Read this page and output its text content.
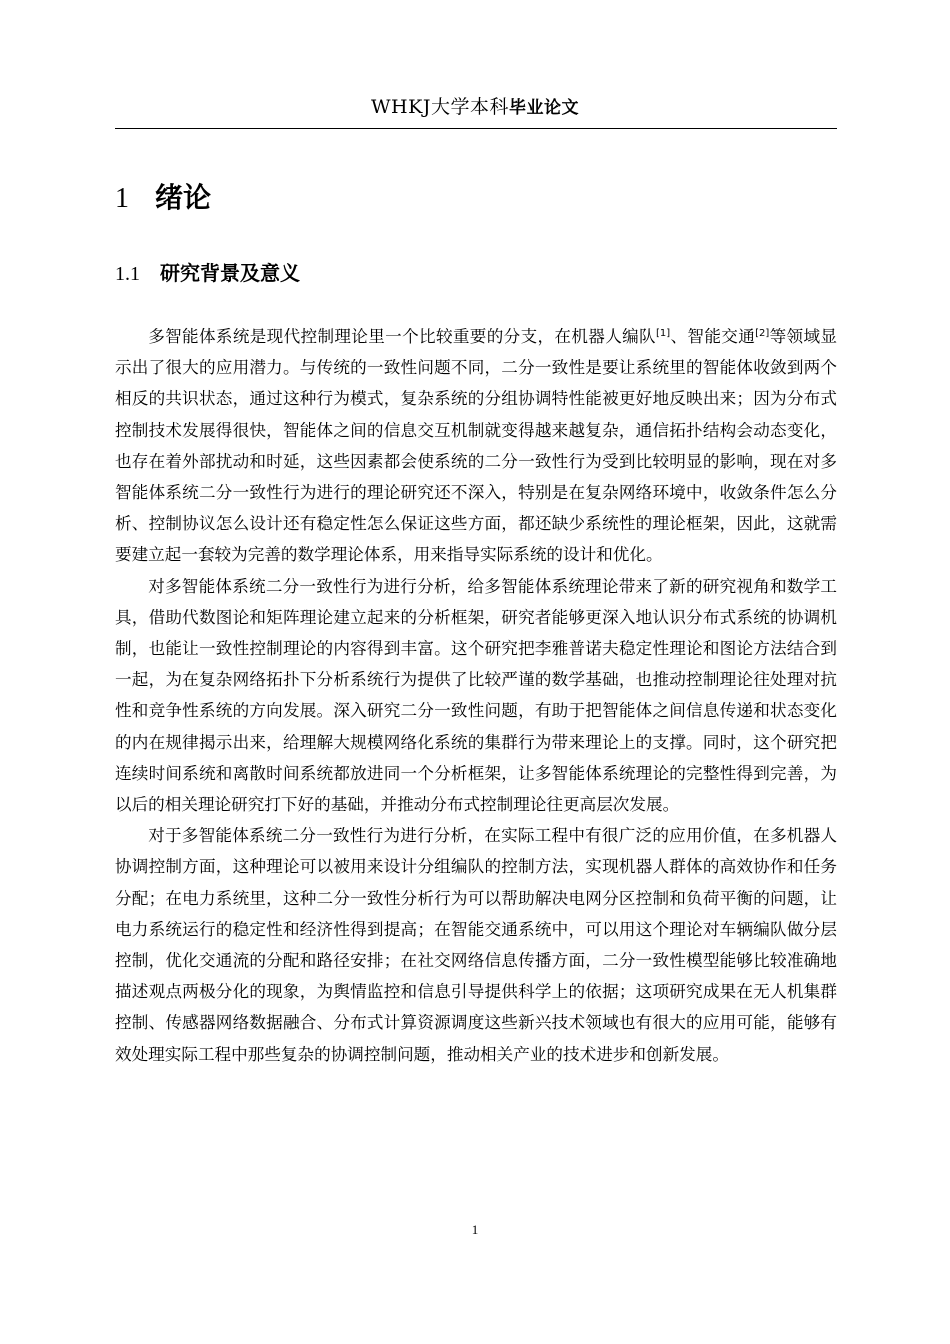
WHKJ大学本科毕业论文
1 绪论
1.1 研究背景及意义

多智能体系统是现代控制理论里一个比较重要的分支，在机器人编队[1]、智能交通[2]等领域显示出了很大的应用潜力。与传统的一致性问题不同，二分一致性是要让系统里的智能体收敛到两个相反的共识状态，通过这种行为模式，复杂系统的分组协调特性能被更好地反映出来；因为分布式控制技术发展得很快，智能体之间的信息交互机制就变得越来越复杂，通信拓扑结构会动态变化，也存在着外部扰动和时延，这些因素都会使系统的二分一致性行为受到比较明显的影响，现在对多智能体系统二分一致性行为进行的理论研究还不深入，特别是在复杂网络环境中，收敛条件怎么分析、控制协议怎么设计还有稳定性怎么保证这些方面，都还缺少系统性的理论框架，因此，这就需要建立起一套较为完善的数学理论体系，用来指导实际系统的设计和优化。

对多智能体系统二分一致性行为进行分析，给多智能体系统理论带来了新的研究视角和数学工具，借助代数图论和矩阵理论建立起来的分析框架，研究者能够更深入地认识分布式系统的协调机制，也能让一致性控制理论的内容得到丰富。这个研究把李雅普诺夫稳定性理论和图论方法结合到一起，为在复杂网络拓扑下分析系统行为提供了比较严谨的数学基础，也推动控制理论往处理对抗性和竞争性系统的方向发展。深入研究二分一致性问题，有助于把智能体之间信息传递和状态变化的内在规律揭示出来，给理解大规模网络化系统的集群行为带来理论上的支撑。同时，这个研究把连续时间系统和离散时间系统都放进同一个分析框架，让多智能体系统理论的完整性得到完善，为以后的相关理论研究打下好的基础，并推动分布式控制理论往更高层次发展。

对于多智能体系统二分一致性行为进行分析，在实际工程中有很广泛的应用价值，在多机器人协调控制方面，这种理论可以被用来设计分组编队的控制方法，实现机器人群体的高效协作和任务分配；在电力系统里，这种二分一致性分析行为可以帮助解决电网分区控制和负荷平衡的问题，让电力系统运行的稳定性和经济性得到提高；在智能交通系统中，可以用这个理论对车辆编队做分层控制，优化交通流的分配和路径安排；在社交网络信息传播方面，二分一致性模型能够比较准确地描述观点两极分化的现象，为舆情监控和信息引导提供科学上的依据；这项研究成果在无人机集群控制、传感器网络数据融合、分布式计算资源调度这些新兴技术领域也有很大的应用可能，能够有效处理实际工程中那些复杂的协调控制问题，推动相关产业的技术进步和创新发展。

1
